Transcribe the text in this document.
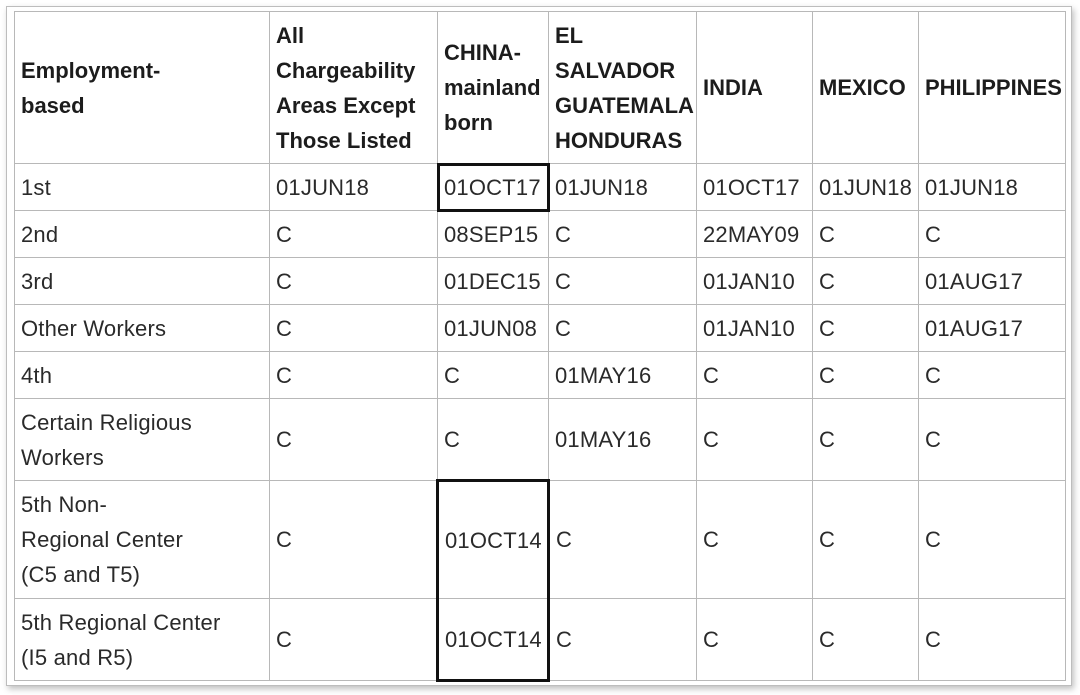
Employment-
based	All
Chargeability
Areas Except
Those Listed	CHINA-
mainland
born	EL
SALVADOR
GUATEMALA
HONDURAS	INDIA	MEXICO	PHILIPPINES
1st	01JUN18	01OCT17	01JUN18	01OCT17	01JUN18	01JUN18
2nd	C	08SEP15	C	22MAY09	C	C
3rd	C	01DEC15	C	01JAN10	C	01AUG17
Other Workers	C	01JUN08	C	01JAN10	C	01AUG17
4th	C	C	01MAY16	C	C	C
Certain Religious
Workers	C	C	01MAY16	C	C	C
5th Non-
Regional Center
(C5 and T5)	C	01OCT14	C	C	C	C
5th Regional Center
(I5 and R5)	C	01OCT14	C	C	C	C
